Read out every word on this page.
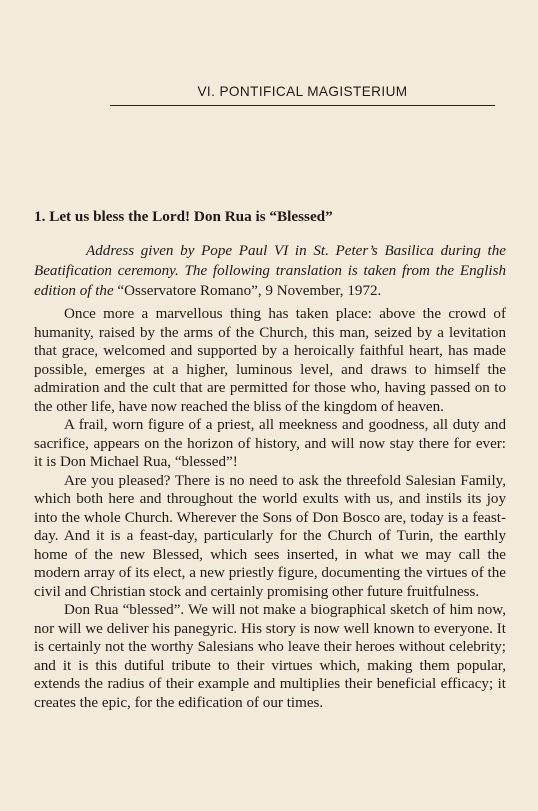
VI. PONTIFICAL MAGISTERIUM
1. Let us bless the Lord! Don Rua is “Blessed”

Address given by Pope Paul VI in St. Peter’s Basilica during the Beatification ceremony. The following translation is taken from the English edition of the “Osservatore Romano”, 9 November, 1972.

Once more a marvellous thing has taken place: above the crowd of humanity, raised by the arms of the Church, this man, seized by a levitation that grace, welcomed and supported by a heroically faithful heart, has made possible, emerges at a higher, luminous level, and draws to himself the admiration and the cult that are permitted for those who, having passed on to the other life, have now reached the bliss of the kingdom of heaven.

A frail, worn figure of a priest, all meekness and goodness, all duty and sacrifice, appears on the horizon of history, and will now stay there for ever: it is Don Michael Rua, “blessed”!

Are you pleased? There is no need to ask the threefold Salesian Family, which both here and throughout the world exults with us, and instils its joy into the whole Church. Wherever the Sons of Don Bosco are, today is a feast-day. And it is a feast-day, particularly for the Church of Turin, the earthly home of the new Blessed, which sees inserted, in what we may call the modern array of its elect, a new priestly figure, documenting the virtues of the civil and Christian stock and certainly promising other future fruitfulness.

Don Rua “blessed”. We will not make a biographical sketch of him now, nor will we deliver his panegyric. His story is now well known to everyone. It is certainly not the worthy Salesians who leave their heroes without celebrity; and it is this dutiful tribute to their virtues which, making them popular, extends the radius of their example and multiplies their beneficial efficacy; it creates the epic, for the edification of our times.
